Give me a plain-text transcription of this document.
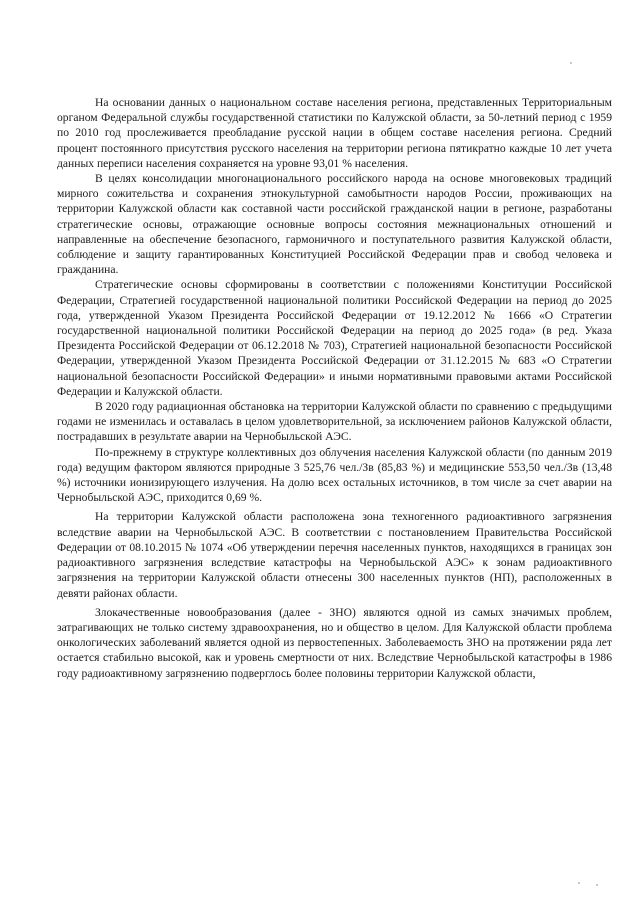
На основании данных о национальном составе населения региона, представленных Территориальным органом Федеральной службы государственной статистики по Калужской области, за 50-летний период с 1959 по 2010 год прослеживается преобладание русской нации в общем составе населения региона. Средний процент постоянного присутствия русского населения на территории региона пятикратно каждые 10 лет учета данных переписи населения сохраняется на уровне 93,01 % населения.

В целях консолидации многонационального российского народа на основе многовековых традиций мирного сожительства и сохранения этнокультурной самобытности народов России, проживающих на территории Калужской области как составной части российской гражданской нации в регионе, разработаны стратегические основы, отражающие основные вопросы состояния межнациональных отношений и направленные на обеспечение безопасного, гармоничного и поступательного развития Калужской области, соблюдение и защиту гарантированных Конституцией Российской Федерации прав и свобод человека и гражданина.

Стратегические основы сформированы в соответствии с положениями Конституции Российской Федерации, Стратегией государственной национальной политики Российской Федерации на период до 2025 года, утвержденной Указом Президента Российской Федерации от 19.12.2012 № 1666 «О Стратегии государственной национальной политики Российской Федерации на период до 2025 года» (в ред. Указа Президента Российской Федерации от 06.12.2018 № 703), Стратегией национальной безопасности Российской Федерации, утвержденной Указом Президента Российской Федерации от 31.12.2015 № 683 «О Стратегии национальной безопасности Российской Федерации» и иными нормативными правовыми актами Российской Федерации и Калужской области.

В 2020 году радиационная обстановка на территории Калужской области по сравнению с предыдущими годами не изменилась и оставалась в целом удовлетворительной, за исключением районов Калужской области, пострадавших в результате аварии на Чернобыльской АЭС.

По-прежнему в структуре коллективных доз облучения населения Калужской области (по данным 2019 года) ведущим фактором являются природные 3 525,76 чел./Зв (85,83 %) и медицинские 553,50 чел./Зв (13,48 %) источники ионизирующего излучения. На долю всех остальных источников, в том числе за счет аварии на Чернобыльской АЭС, приходится 0,69 %.

На территории Калужской области расположена зона техногенного радиоактивного загрязнения вследствие аварии на Чернобыльской АЭС. В соответствии с постановлением Правительства Российской Федерации от 08.10.2015 № 1074 «Об утверждении перечня населенных пунктов, находящихся в границах зон радиоактивного загрязнения вследствие катастрофы на Чернобыльской АЭС» к зонам радиоактивного загрязнения на территории Калужской области отнесены 300 населенных пунктов (НП), расположенных в девяти районах области.

Злокачественные новообразования (далее - ЗНО) являются одной из самых значимых проблем, затрагивающих не только систему здравоохранения, но и общество в целом. Для Калужской области проблема онкологических заболеваний является одной из первостепенных. Заболеваемость ЗНО на протяжении ряда лет остается стабильно высокой, как и уровень смертности от них. Вследствие Чернобыльской катастрофы в 1986 году радиоактивному загрязнению подверглось более половины территории Калужской области,
